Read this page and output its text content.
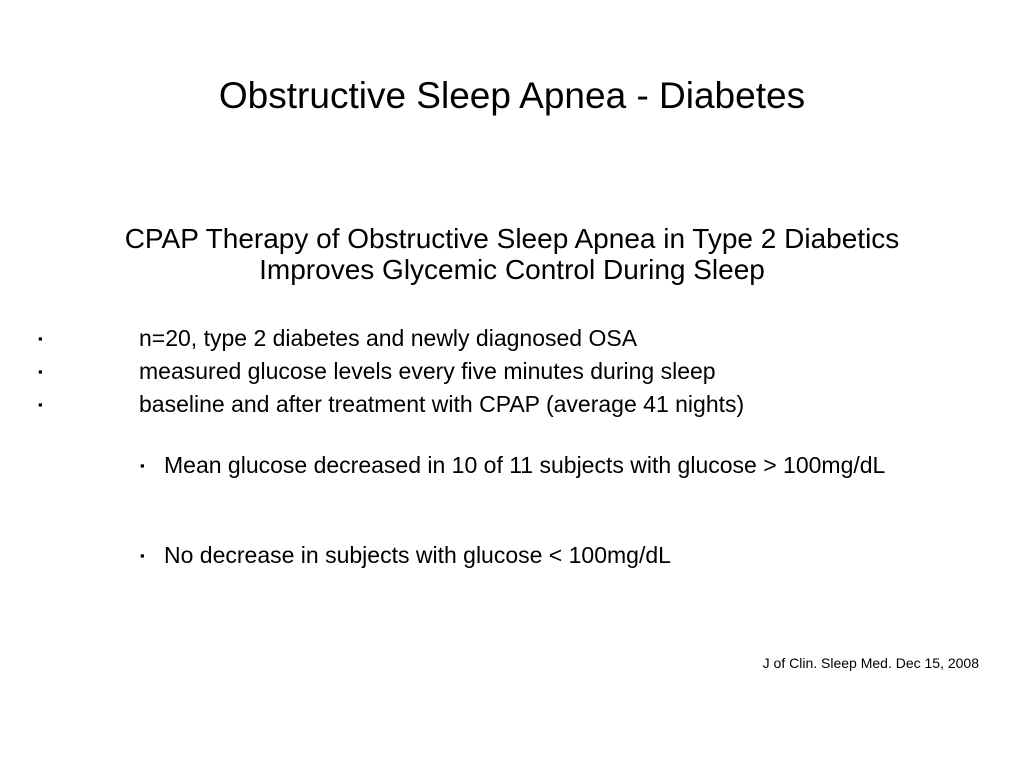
Obstructive Sleep Apnea - Diabetes
CPAP Therapy of Obstructive Sleep Apnea in Type 2 Diabetics
Improves Glycemic Control During Sleep
▪	n=20, type 2 diabetes and newly diagnosed OSA
▪	measured glucose levels every five minutes during sleep
▪	baseline and after treatment with CPAP (average 41 nights)
▪ Mean glucose decreased in 10 of 11 subjects with glucose > 100mg/dL
▪ No decrease in subjects with glucose < 100mg/dL
J of Clin. Sleep Med. Dec 15, 2008
